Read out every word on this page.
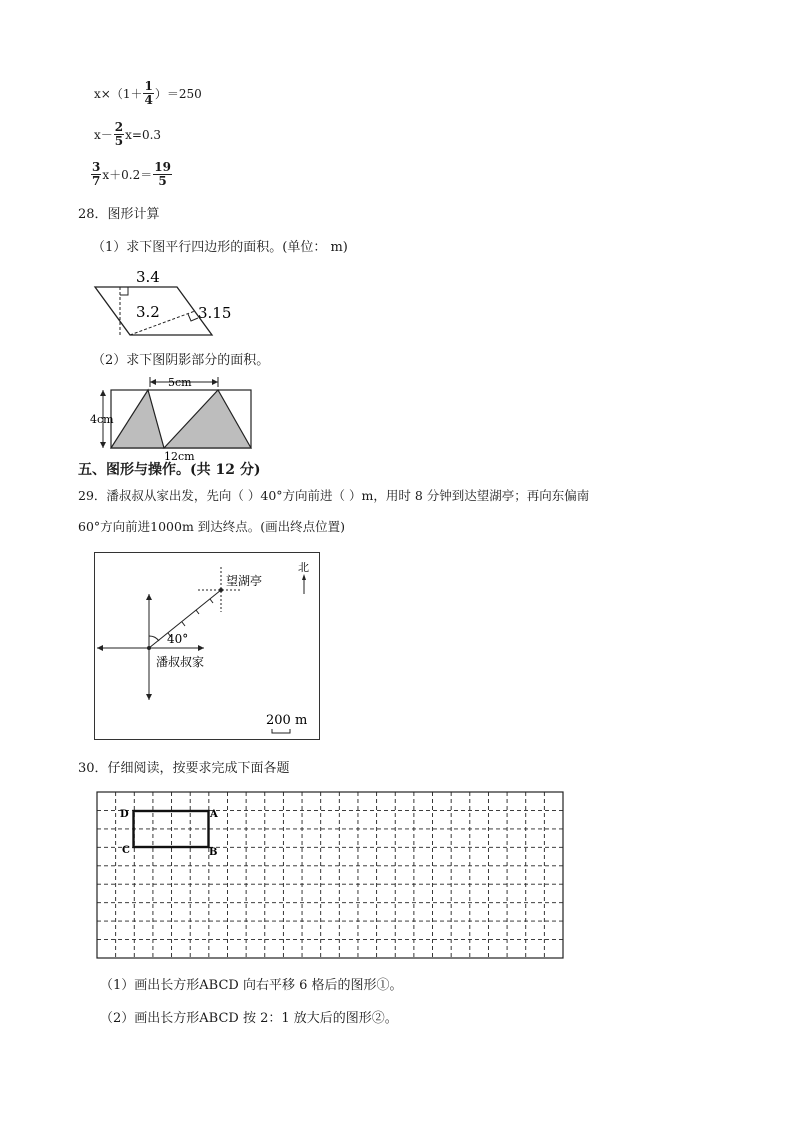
$x\times(1+ \frac{1}{4} )=250$
$x- \frac{2}{5} x=0.3$
$\frac{3}{7} x+0.2= \frac{19}{5}$
28．图形计算
（1）求下图平行四边形的面积。(单位： m)
3.4
3.2	3.15
（2）求下图阴影部分的面积。
5cm
4cm
12cm
五、图形与操作。(共 12 分)
29．潘叔叔从家出发，先向（ ）40°方向前进（ ）m，用时 8 分钟到达望湖亭；再向东偏南
60°方向前进1000m 到达终点。(画出终点位置)
40°
潘叔叔家
望湖亭
北
200 m
30．仔细阅读，按要求完成下面各题
D	A
C	B
（1）画出长方形ABCD 向右平移 6 格后的图形①。
（2）画出长方形ABCD 按 2：1 放大后的图形②。
